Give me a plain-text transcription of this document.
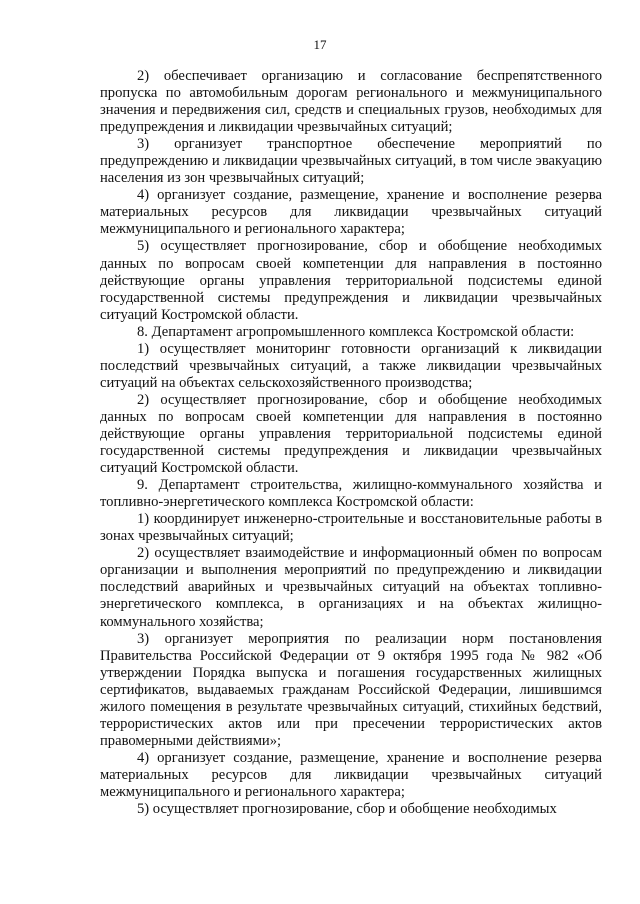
17

2) обеспечивает организацию и согласование беспрепятственного пропуска по автомобильным дорогам регионального и межмуниципального значения и передвижения сил, средств и специальных грузов, необходимых для предупреждения и ликвидации чрезвычайных ситуаций;

3) организует транспортное обеспечение мероприятий по предупреждению и ликвидации чрезвычайных ситуаций, в том числе эвакуацию населения из зон чрезвычайных ситуаций;

4) организует создание, размещение, хранение и восполнение резерва материальных ресурсов для ликвидации чрезвычайных ситуаций межмуниципального и регионального характера;

5) осуществляет прогнозирование, сбор и обобщение необходимых данных по вопросам своей компетенции для направления в постоянно действующие органы управления территориальной подсистемы единой государственной системы предупреждения и ликвидации чрезвычайных ситуаций Костромской области.

8. Департамент агропромышленного комплекса Костромской области:

1) осуществляет мониторинг готовности организаций к ликвидации последствий чрезвычайных ситуаций, а также ликвидации чрезвычайных ситуаций на объектах сельскохозяйственного производства;

2) осуществляет прогнозирование, сбор и обобщение необходимых данных по вопросам своей компетенции для направления в постоянно действующие органы управления территориальной подсистемы единой государственной системы предупреждения и ликвидации чрезвычайных ситуаций Костромской области.

9. Департамент строительства, жилищно-коммунального хозяйства и топливно-энергетического комплекса Костромской области:

1) координирует инженерно-строительные и восстановительные работы в зонах чрезвычайных ситуаций;

2) осуществляет взаимодействие и информационный обмен по вопросам организации и выполнения мероприятий по предупреждению и ликвидации последствий аварийных и чрезвычайных ситуаций на объектах топливно-энергетического комплекса, в организациях и на объектах жилищно-коммунального хозяйства;

3) организует мероприятия по реализации норм постановления Правительства Российской Федерации от 9 октября 1995 года № 982 «Об утверждении Порядка выпуска и погашения государственных жилищных сертификатов, выдаваемых гражданам Российской Федерации, лишившимся жилого помещения в результате чрезвычайных ситуаций, стихийных бедствий, террористических актов или при пресечении террористических актов правомерными действиями»;

4) организует создание, размещение, хранение и восполнение резерва материальных ресурсов для ликвидации чрезвычайных ситуаций межмуниципального и регионального характера;

5) осуществляет прогнозирование, сбор и обобщение необходимых
